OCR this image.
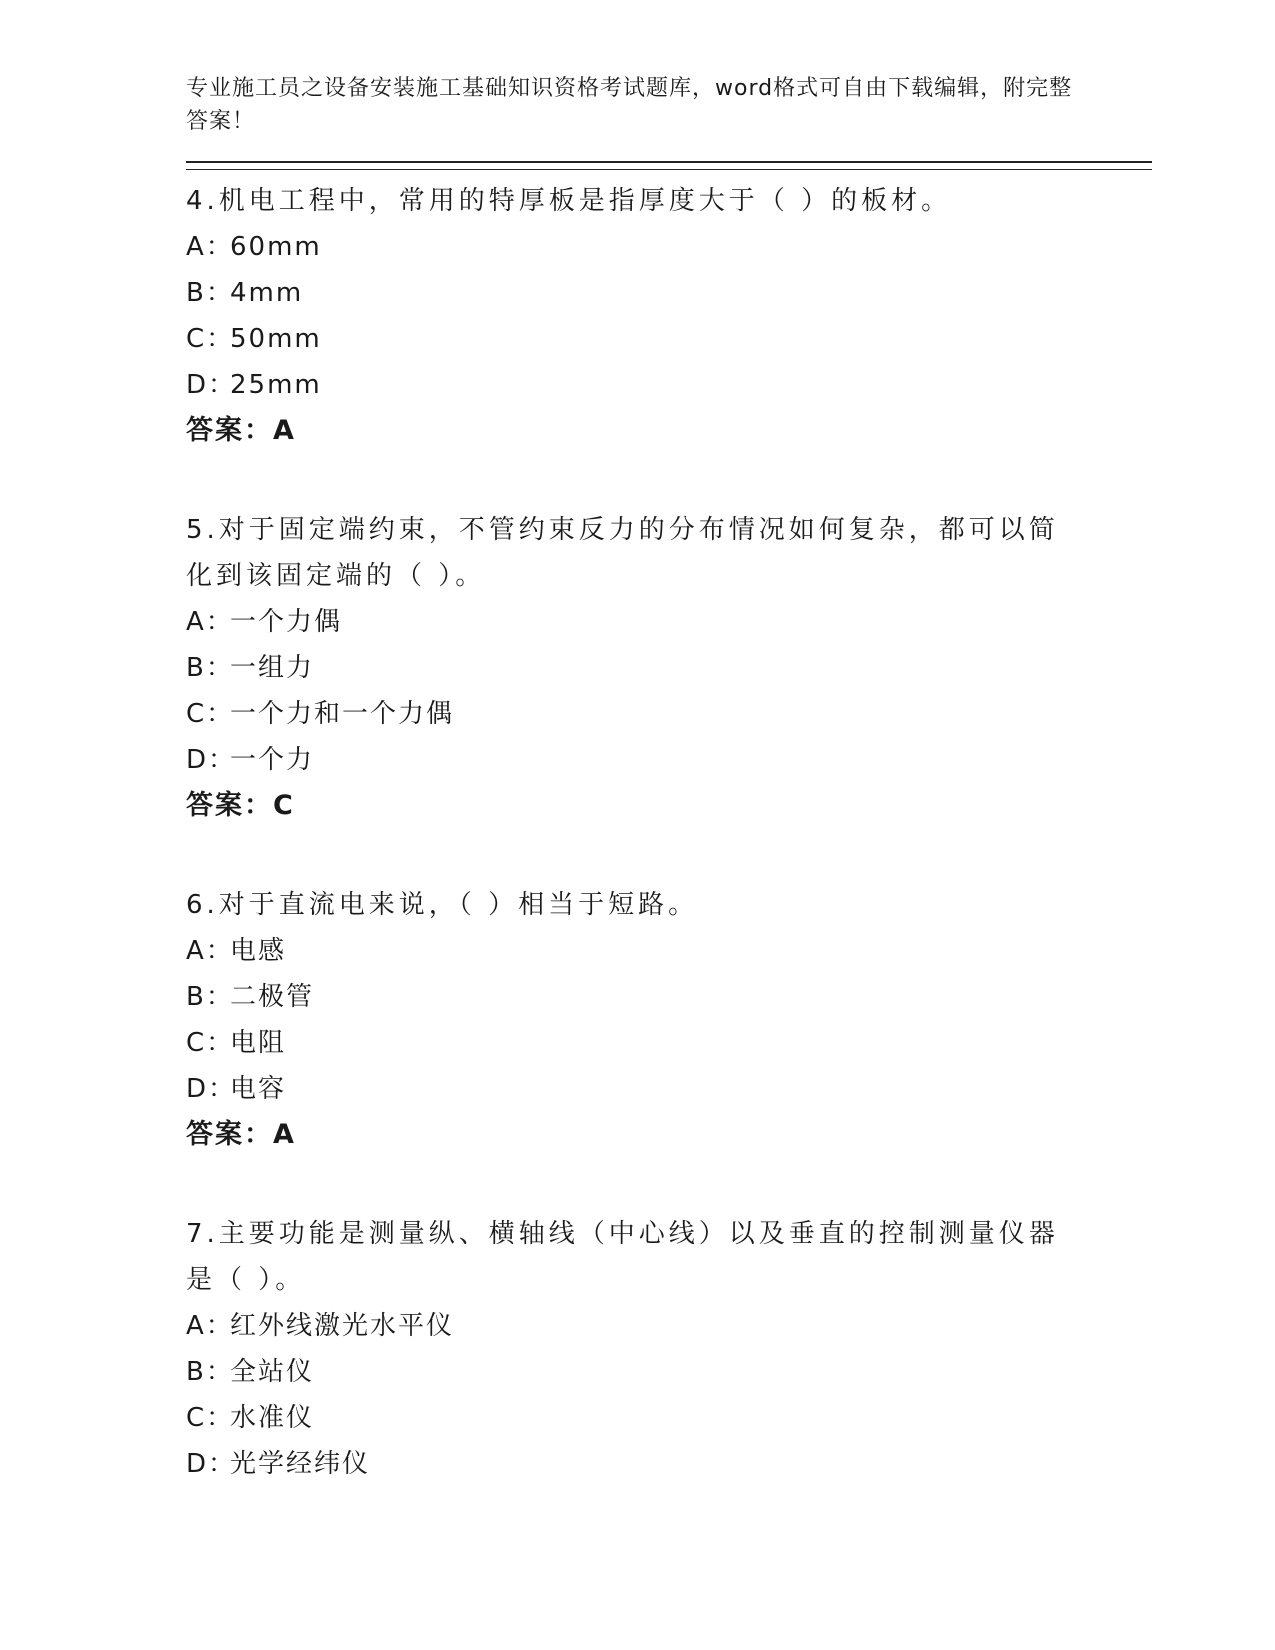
专业施工员之设备安装施工基础知识资格考试题库，word格式可自由下载编辑，附完整答案！
4.机电工程中，常用的特厚板是指厚度大于（ ）的板材。
A：60mm
B：4mm
C：50mm
D：25mm
答案：A
5.对于固定端约束，不管约束反力的分布情况如何复杂，都可以简化到该固定端的（ ）。
A：一个力偶
B：一组力
C：一个力和一个力偶
D：一个力
答案：C
6.对于直流电来说，（ ）相当于短路。
A：电感
B：二极管
C：电阻
D：电容
答案：A
7.主要功能是测量纵、横轴线（中心线）以及垂直的控制测量仪器是（ ）。
A：红外线激光水平仪
B：全站仪
C：水准仪
D：光学经纬仪
